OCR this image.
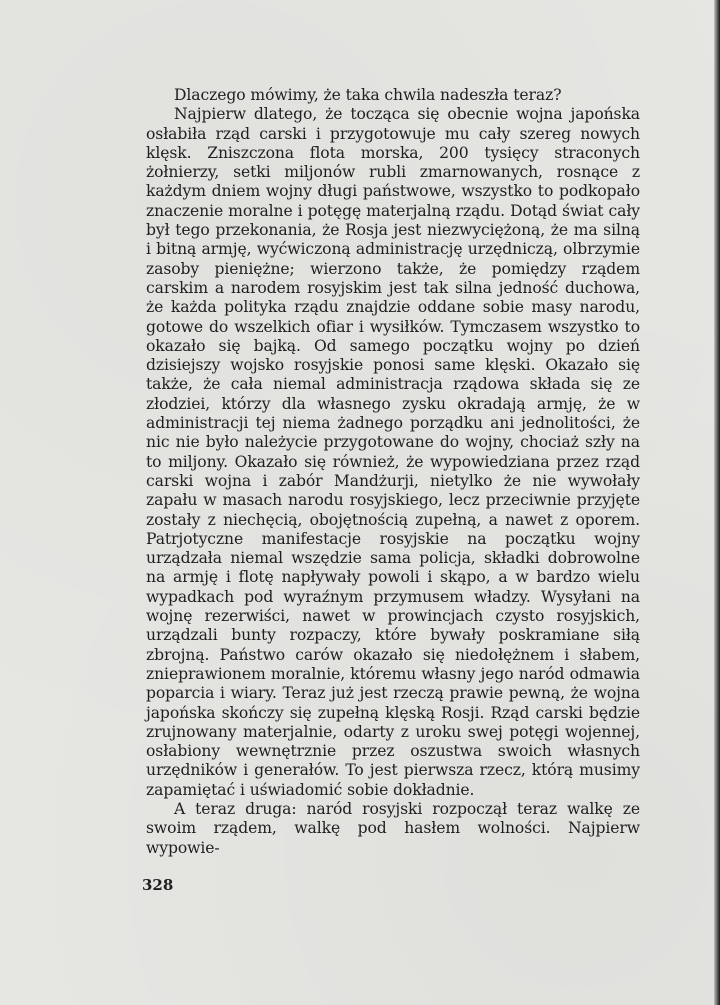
Dlaczego mówimy, że taka chwila nadeszła teraz?

Najpierw dlatego, że tocząca się obecnie wojna japońska osłabiła rząd carski i przygotowuje mu cały szereg nowych klęsk. Zniszczona flota morska, 200 tysięcy straconych żołnierzy, setki miljonów rubli zmarnowanych, rosnące z każdym dniem wojny długi państwowe, wszystko to podkopało znaczenie moralne i potęgę materjalną rządu. Dotąd świat cały był tego przekonania, że Rosja jest niezwyciężoną, że ma silną i bitną armję, wyćwiczoną administrację urzędniczą, olbrzymie zasoby pieniężne; wierzono także, że pomiędzy rządem carskim a narodem rosyjskim jest tak silna jedność duchowa, że każda polityka rządu znajdzie oddane sobie masy narodu, gotowe do wszelkich ofiar i wysiłków. Tymczasem wszystko to okazało się bajką. Od samego początku wojny po dzień dzisiejszy wojsko rosyjskie ponosi same klęski. Okazało się także, że cała niemal administracja rządowa składa się ze złodziei, którzy dla własnego zysku okradają armję, że w administracji tej niema żadnego porządku ani jednolitości, że nic nie było należycie przygotowane do wojny, chociaż szły na to miljony. Okazało się również, że wypowiedziana przez rząd carski wojna i zabór Mandżurji, nietylko że nie wywołały zapału w masach narodu rosyjskiego, lecz przeciwnie przyjęte zostały z niechęcią, obojętnością zupełną, a nawet z oporem. Patrjotyczne manifestacje rosyjskie na początku wojny urządzała niemal wszędzie sama policja, składki dobrowolne na armję i flotę napływały powoli i skąpo, a w bardzo wielu wypadkach pod wyraźnym przymusem władzy. Wysyłani na wojnę rezerwiści, nawet w prowincjach czysto rosyjskich, urządzali bunty rozpaczy, które bywały poskramiane siłą zbrojną. Państwo carów okazało się niedołężnem i słabem, znieprawionem moralnie, któremu własny jego naród odmawia poparcia i wiary. Teraz już jest rzeczą prawie pewną, że wojna japońska skończy się zupełną klęską Rosji. Rząd carski będzie zrujnowany materjalnie, odarty z uroku swej potęgi wojennej, osłabiony wewnętrznie przez oszustwa swoich własnych urzędników i generałów. To jest pierwsza rzecz, którą musimy zapamiętać i uświadomić sobie dokładnie.

A teraz druga: naród rosyjski rozpoczął teraz walkę ze swoim rządem, walkę pod hasłem wolności. Najpierw wypowie-

328
